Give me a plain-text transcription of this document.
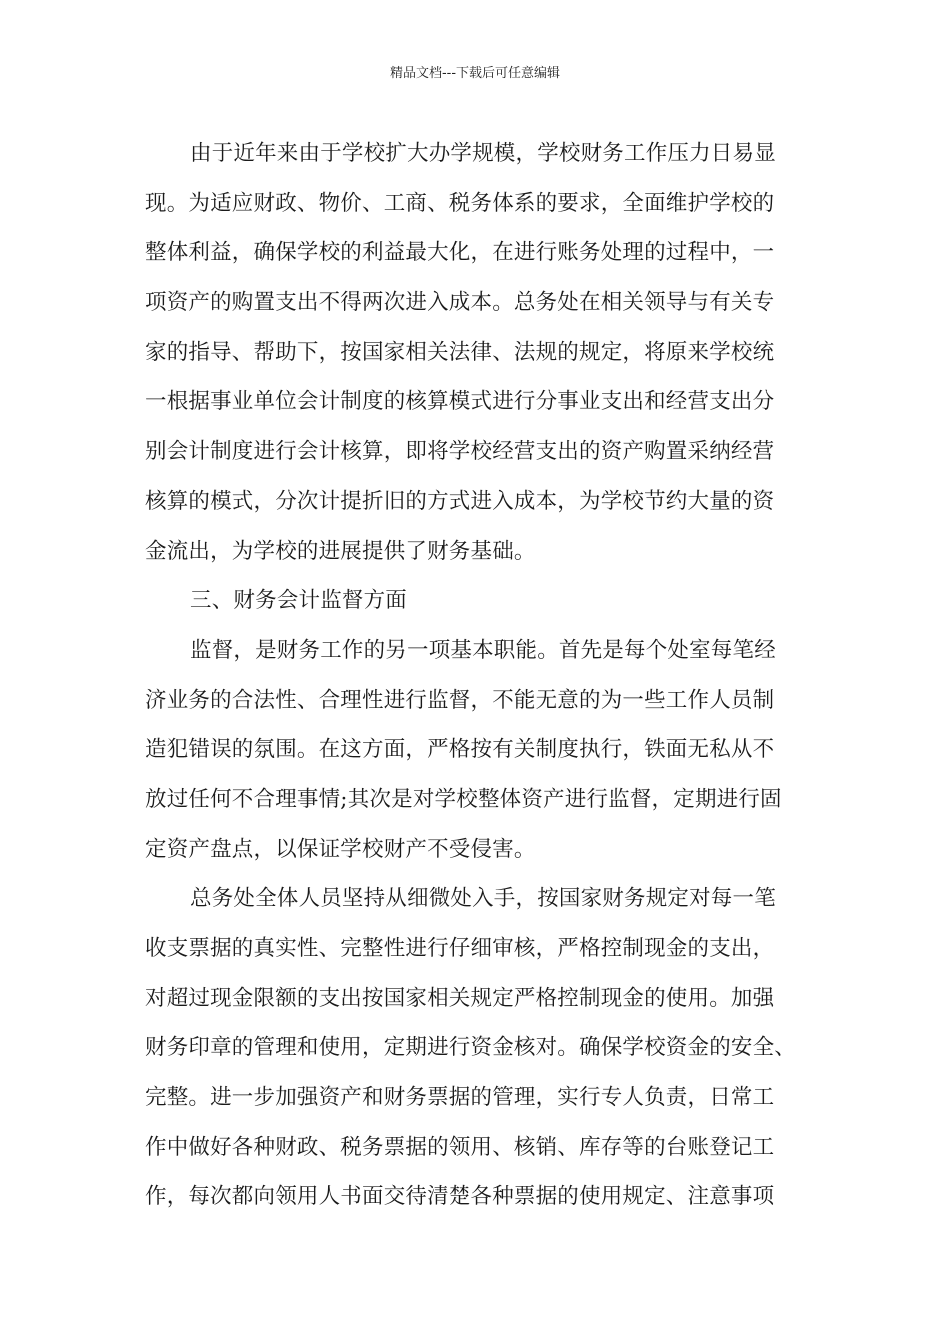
精品文档---下载后可任意编辑
由于近年来由于学校扩大办学规模，学校财务工作压力日易显
现。为适应财政、物价、工商、税务体系的要求，全面维护学校的
整体利益，确保学校的利益最大化，在进行账务处理的过程中，一
项资产的购置支出不得两次进入成本。总务处在相关领导与有关专
家的指导、帮助下，按国家相关法律、法规的规定，将原来学校统
一根据事业单位会计制度的核算模式进行分事业支出和经营支出分
别会计制度进行会计核算，即将学校经营支出的资产购置采纳经营
核算的模式，分次计提折旧的方式进入成本，为学校节约大量的资
金流出，为学校的进展提供了财务基础。
三、财务会计监督方面
监督，是财务工作的另一项基本职能。首先是每个处室每笔经
济业务的合法性、合理性进行监督，不能无意的为一些工作人员制
造犯错误的氛围。在这方面，严格按有关制度执行，铁面无私从不
放过任何不合理事情;其次是对学校整体资产进行监督，定期进行固
定资产盘点，以保证学校财产不受侵害。
总务处全体人员坚持从细微处入手，按国家财务规定对每一笔
收支票据的真实性、完整性进行仔细审核，严格控制现金的支出，
对超过现金限额的支出按国家相关规定严格控制现金的使用。加强
财务印章的管理和使用，定期进行资金核对。确保学校资金的安全、
完整。进一步加强资产和财务票据的管理，实行专人负责，日常工
作中做好各种财政、税务票据的领用、核销、库存等的台账登记工
作，每次都向领用人书面交待清楚各种票据的使用规定、注意事项
